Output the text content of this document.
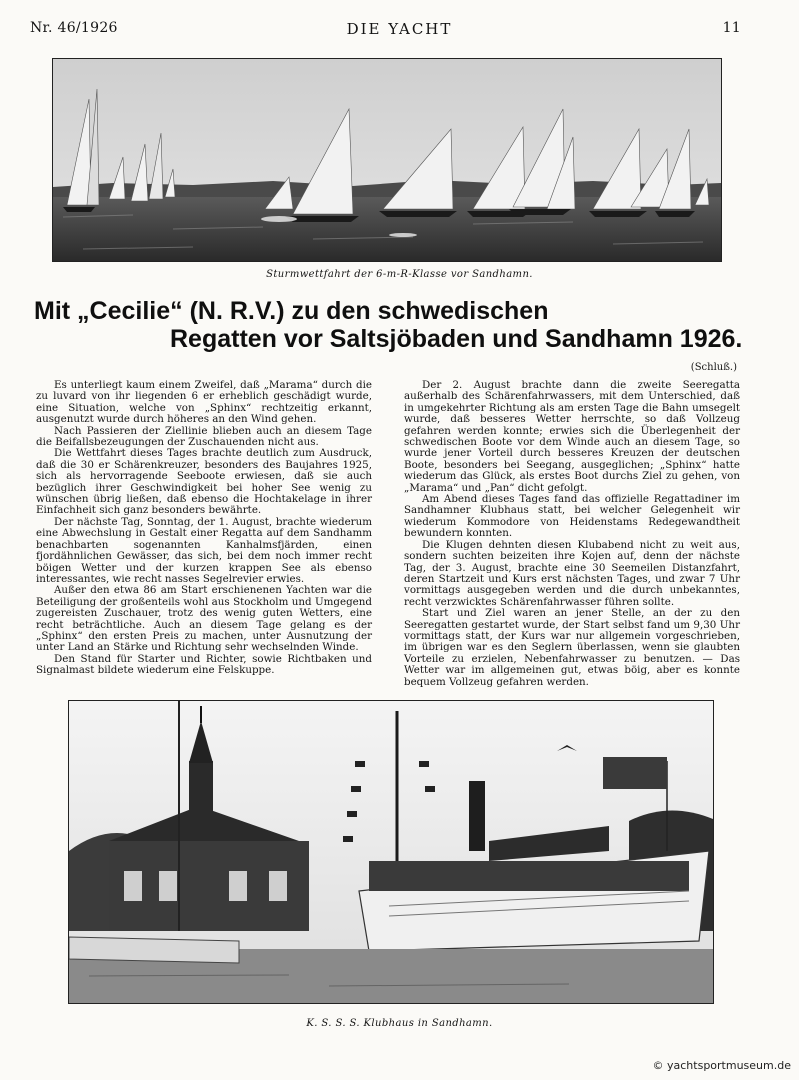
Nr. 46/1926	DIE YACHT	11
Sturmwettfahrt der 6-m-R-Klasse vor Sandhamn.
Mit „Cecilie“ (N. R.V.) zu den schwedischen
Regatten vor Saltsjöbaden und Sandhamn 1926.
(Schluß.)

Es unterliegt kaum einem Zweifel, daß „Marama“ durch die zu luvard von ihr liegenden 6 er erheblich geschädigt wurde, eine Situation, welche von „Sphinx“ rechtzeitig erkannt, ausgenutzt wurde durch höheres an den Wind gehen.

Nach Passieren der Ziellinie blieben auch an diesem Tage die Beifallsbezeugungen der Zuschauenden nicht aus.

Die Wettfahrt dieses Tages brachte deutlich zum Ausdruck, daß die 30 er Schärenkreuzer, besonders des Baujahres 1925, sich als hervorragende Seeboote erwiesen, daß sie auch bezüglich ihrer Geschwindigkeit bei hoher See wenig zu wünschen übrig ließen, daß ebenso die Hochtakelage in ihrer Einfachheit sich ganz besonders bewährte.

Der nächste Tag, Sonntag, der 1. August, brachte wiederum eine Abwechslung in Gestalt einer Regatta auf dem Sandhamm benachbarten sogenannten Kanhalmsfjärden, einen fjordähnlichen Gewässer, das sich, bei dem noch immer recht böigen Wetter und der kurzen krappen See als ebenso interessantes, wie recht nasses Segelrevier erwies.

Außer den etwa 86 am Start erschienenen Yachten war die Beteiligung der großenteils wohl aus Stockholm und Umgegend zugereisten Zuschauer, trotz des wenig guten Wetters, eine recht beträchtliche. Auch an diesem Tage gelang es der „Sphinx“ den ersten Preis zu machen, unter Ausnutzung der unter Land an Stärke und Richtung sehr wechselnden Winde.

Den Stand für Starter und Richter, sowie Richtbaken und Signalmast bildete wiederum eine Felskuppe.

Der 2. August brachte dann die zweite Seeregatta außerhalb des Schärenfahrwassers, mit dem Unterschied, daß in umgekehrter Richtung als am ersten Tage die Bahn umsegelt wurde, daß besseres Wetter herrschte, so daß Vollzeug gefahren werden konnte; erwies sich die Überlegenheit der schwedischen Boote vor dem Winde auch an diesem Tage, so wurde jener Vorteil durch besseres Kreuzen der deutschen Boote, besonders bei Seegang, ausgeglichen; „Sphinx“ hatte wiederum das Glück, als erstes Boot durchs Ziel zu gehen, von „Marama“ und „Pan“ dicht gefolgt.

Am Abend dieses Tages fand das offizielle Regattadiner im Sandhamner Klubhaus statt, bei welcher Gelegenheit wir wiederum Kommodore von Heidenstams Redegewandtheit bewundern konnten.

Die Klugen dehnten diesen Klubabend nicht zu weit aus, sondern suchten beizeiten ihre Kojen auf, denn der nächste Tag, der 3. August, brachte eine 30 Seemeilen Distanzfahrt, deren Startzeit und Kurs erst nächsten Tages, und zwar 7 Uhr vormittags ausgegeben werden und die durch unbekanntes, recht verzwicktes Schärenfahrwasser führen sollte.

Start und Ziel waren an jener Stelle, an der zu den Seeregatten gestartet wurde, der Start selbst fand um 9,30 Uhr vormittags statt, der Kurs war nur allgemein vorgeschrieben, im übrigen war es den Seglern überlassen, wenn sie glaubten Vorteile zu erzielen, Nebenfahrwasser zu benutzen. — Das Wetter war im allgemeinen gut, etwas böig, aber es konnte bequem Vollzeug gefahren werden.

K. S. S. S. Klubhaus in Sandhamn.
© yachtsportmuseum.de
